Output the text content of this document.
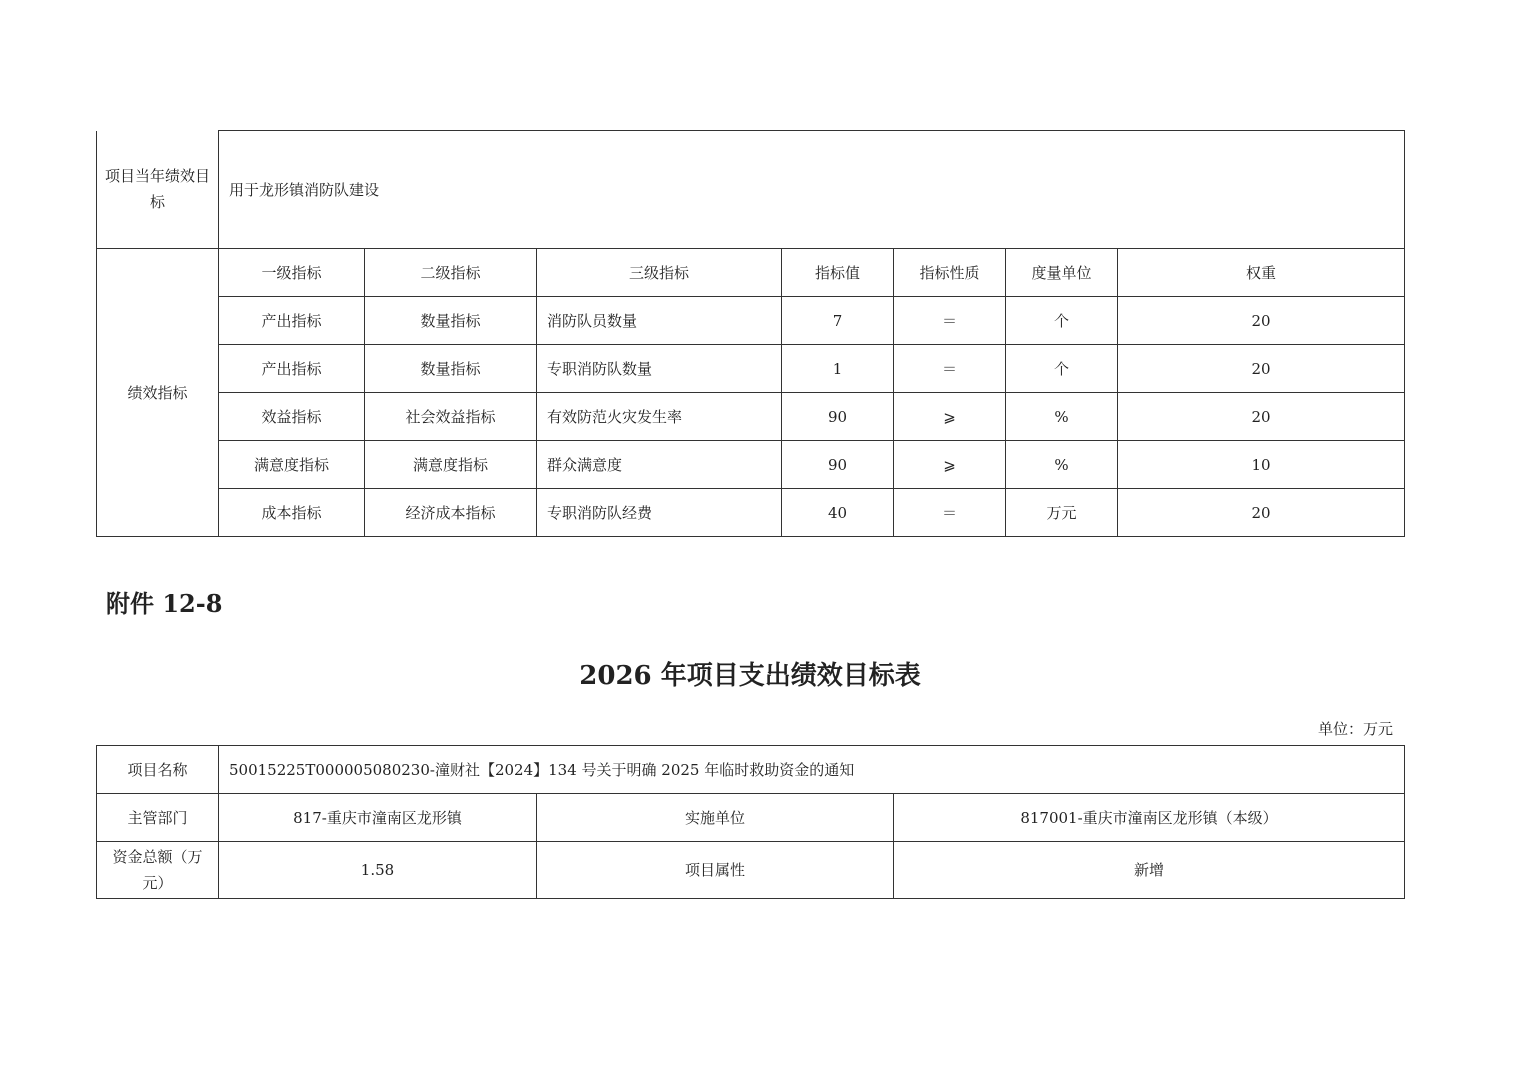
项目当年绩效目标	用于龙形镇消防队建设						
绩效指标	一级指标	二级指标	三级指标	指标值	指标性质	度量单位	权重
	产出指标	数量指标	消防队员数量	7	＝	个	20
	产出指标	数量指标	专职消防队数量	1	＝	个	20
	效益指标	社会效益指标	有效防范火灾发生率	90	⩾	%	20
	满意度指标	满意度指标	群众满意度	90	⩾	%	10
	成本指标	经济成本指标	专职消防队经费	40	＝	万元	20
附件 12-8
2026 年项目支出绩效目标表
单位：万元
项目名称	50015225T000005080230-潼财社【2024】134 号关于明确 2025 年临时救助资金的通知		
主管部门	817-重庆市潼南区龙形镇	实施单位	817001-重庆市潼南区龙形镇（本级）
资金总额（万元）	1.58	项目属性	新增
